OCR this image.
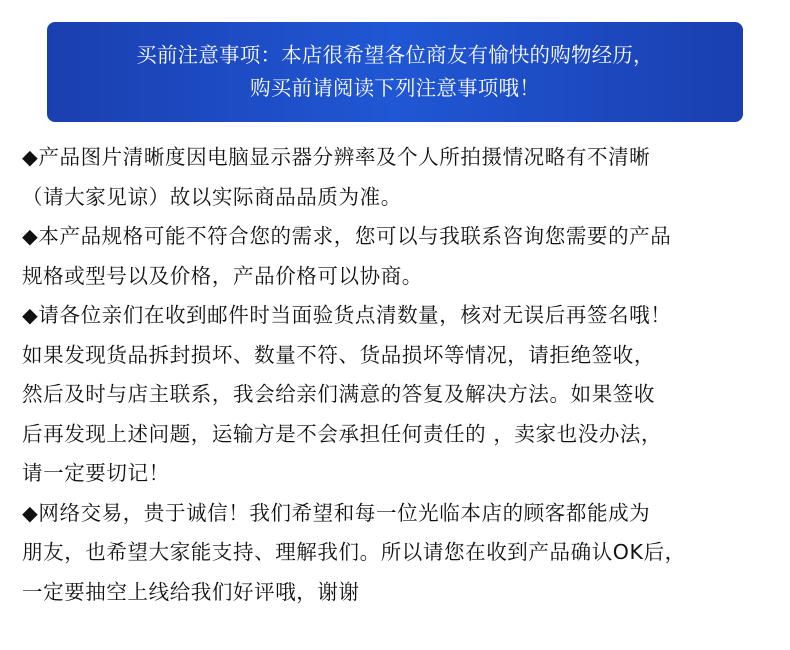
买前注意事项：本店很希望各位商友有愉快的购物经历，
购买前请阅读下列注意事项哦！
◆产品图片清晰度因电脑显示器分辨率及个人所拍摄情况略有不清晰
（请大家见谅）故以实际商品品质为准。
◆本产品规格可能不符合您的需求，您可以与我联系咨询您需要的产品
规格或型号以及价格，产品价格可以协商。
◆请各位亲们在收到邮件时当面验货点清数量，核对无误后再签名哦！
如果发现货品拆封损坏、数量不符、货品损坏等情况，请拒绝签收，
然后及时与店主联系，我会给亲们满意的答复及解决方法。如果签收
后再发现上述问题，运输方是不会承担任何责任的 ，卖家也没办法，
请一定要切记！
◆网络交易，贵于诚信！我们希望和每一位光临本店的顾客都能成为
朋友，也希望大家能支持、理解我们。所以请您在收到产品确认OK后，
一定要抽空上线给我们好评哦，谢谢
